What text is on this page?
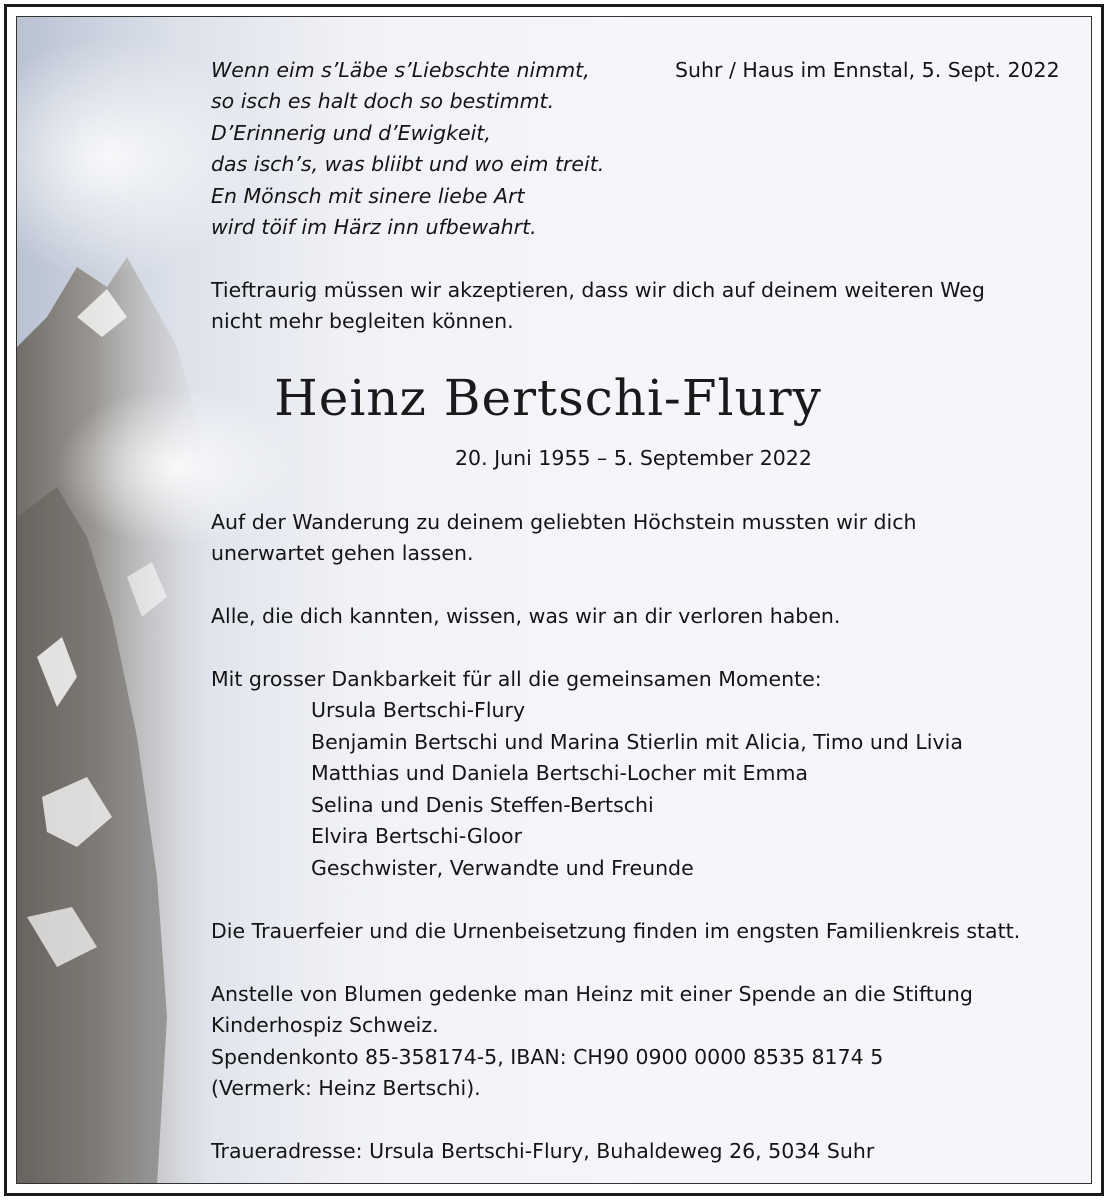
Suhr / Haus im Ennstal, 5. Sept. 2022
Wenn eim s’Läbe s’Liebschte nimmt,
so isch es halt doch so bestimmt.
D’Erinnerig und d’Ewigkeit,
das isch’s, was bliibt und wo eim treit.
En Mönsch mit sinere liebe Art
wird töif im Härz inn ufbewahrt.
Tieftraurig müssen wir akzeptieren, dass wir dich auf deinem weiteren Weg
nicht mehr begleiten können.
Heinz Bertschi-Flury
20. Juni 1955 – 5. September 2022
Auf der Wanderung zu deinem geliebten Höchstein mussten wir dich
unerwartet gehen lassen.
Alle, die dich kannten, wissen, was wir an dir verloren haben.
Mit grosser Dankbarkeit für all die gemeinsamen Momente:
Ursula Bertschi-Flury
Benjamin Bertschi und Marina Stierlin mit Alicia, Timo und Livia
Matthias und Daniela Bertschi-Locher mit Emma
Selina und Denis Steffen-Bertschi
Elvira Bertschi-Gloor
Geschwister, Verwandte und Freunde
Die Trauerfeier und die Urnenbeisetzung finden im engsten Familienkreis statt.
Anstelle von Blumen gedenke man Heinz mit einer Spende an die Stiftung
Kinderhospiz Schweiz.
Spendenkonto 85-358174-5, IBAN: CH90 0900 0000 8535 8174 5
(Vermerk: Heinz Bertschi).
Traueradresse: Ursula Bertschi-Flury, Buhaldeweg 26, 5034 Suhr
